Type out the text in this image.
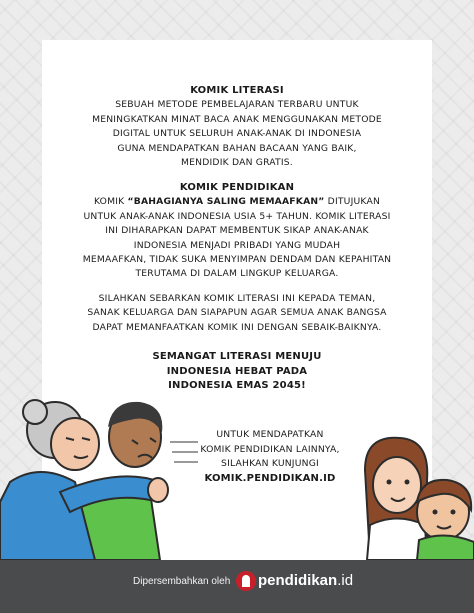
KOMIK LITERASI
SEBUAH METODE PEMBELAJARAN TERBARU UNTUK
MENINGKATKAN MINAT BACA ANAK MENGGUNAKAN METODE
DIGITAL UNTUK SELURUH ANAK-ANAK DI INDONESIA
GUNA MENDAPATKAN BAHAN BACAAN YANG BAIK,
MENDIDIK DAN GRATIS.
KOMIK PENDIDIKAN
KOMIK “BAHAGIANYA SALING MEMAAFKAN” DITUJUKAN
UNTUK ANAK-ANAK INDONESIA USIA 5+ TAHUN. KOMIK LITERASI
INI DIHARAPKAN DAPAT MEMBENTUK SIKAP ANAK-ANAK
INDONESIA MENJADI PRIBADI YANG MUDAH
MEMAAFKAN, TIDAK SUKA MENYIMPAN DENDAM DAN KEPAHITAN
TERUTAMA DI DALAM LINGKUP KELUARGA.
SILAHKAN SEBARKAN KOMIK LITERASI INI KEPADA TEMAN,
SANAK KELUARGA DAN SIAPAPUN AGAR SEMUA ANAK BANGSA
DAPAT MEMANFAATKAN KOMIK INI DENGAN SEBAIK-BAIKNYA.
SEMANGAT LITERASI MENUJU
INDONESIA HEBAT PADA
INDONESIA EMAS 2045!
UNTUK MENDAPATKAN
KOMIK PENDIDIKAN LAINNYA,
SILAHKAN KUNJUNGI
KOMIK.PENDIDIKAN.ID
Dipersembahkan oleh pendidikan.id
